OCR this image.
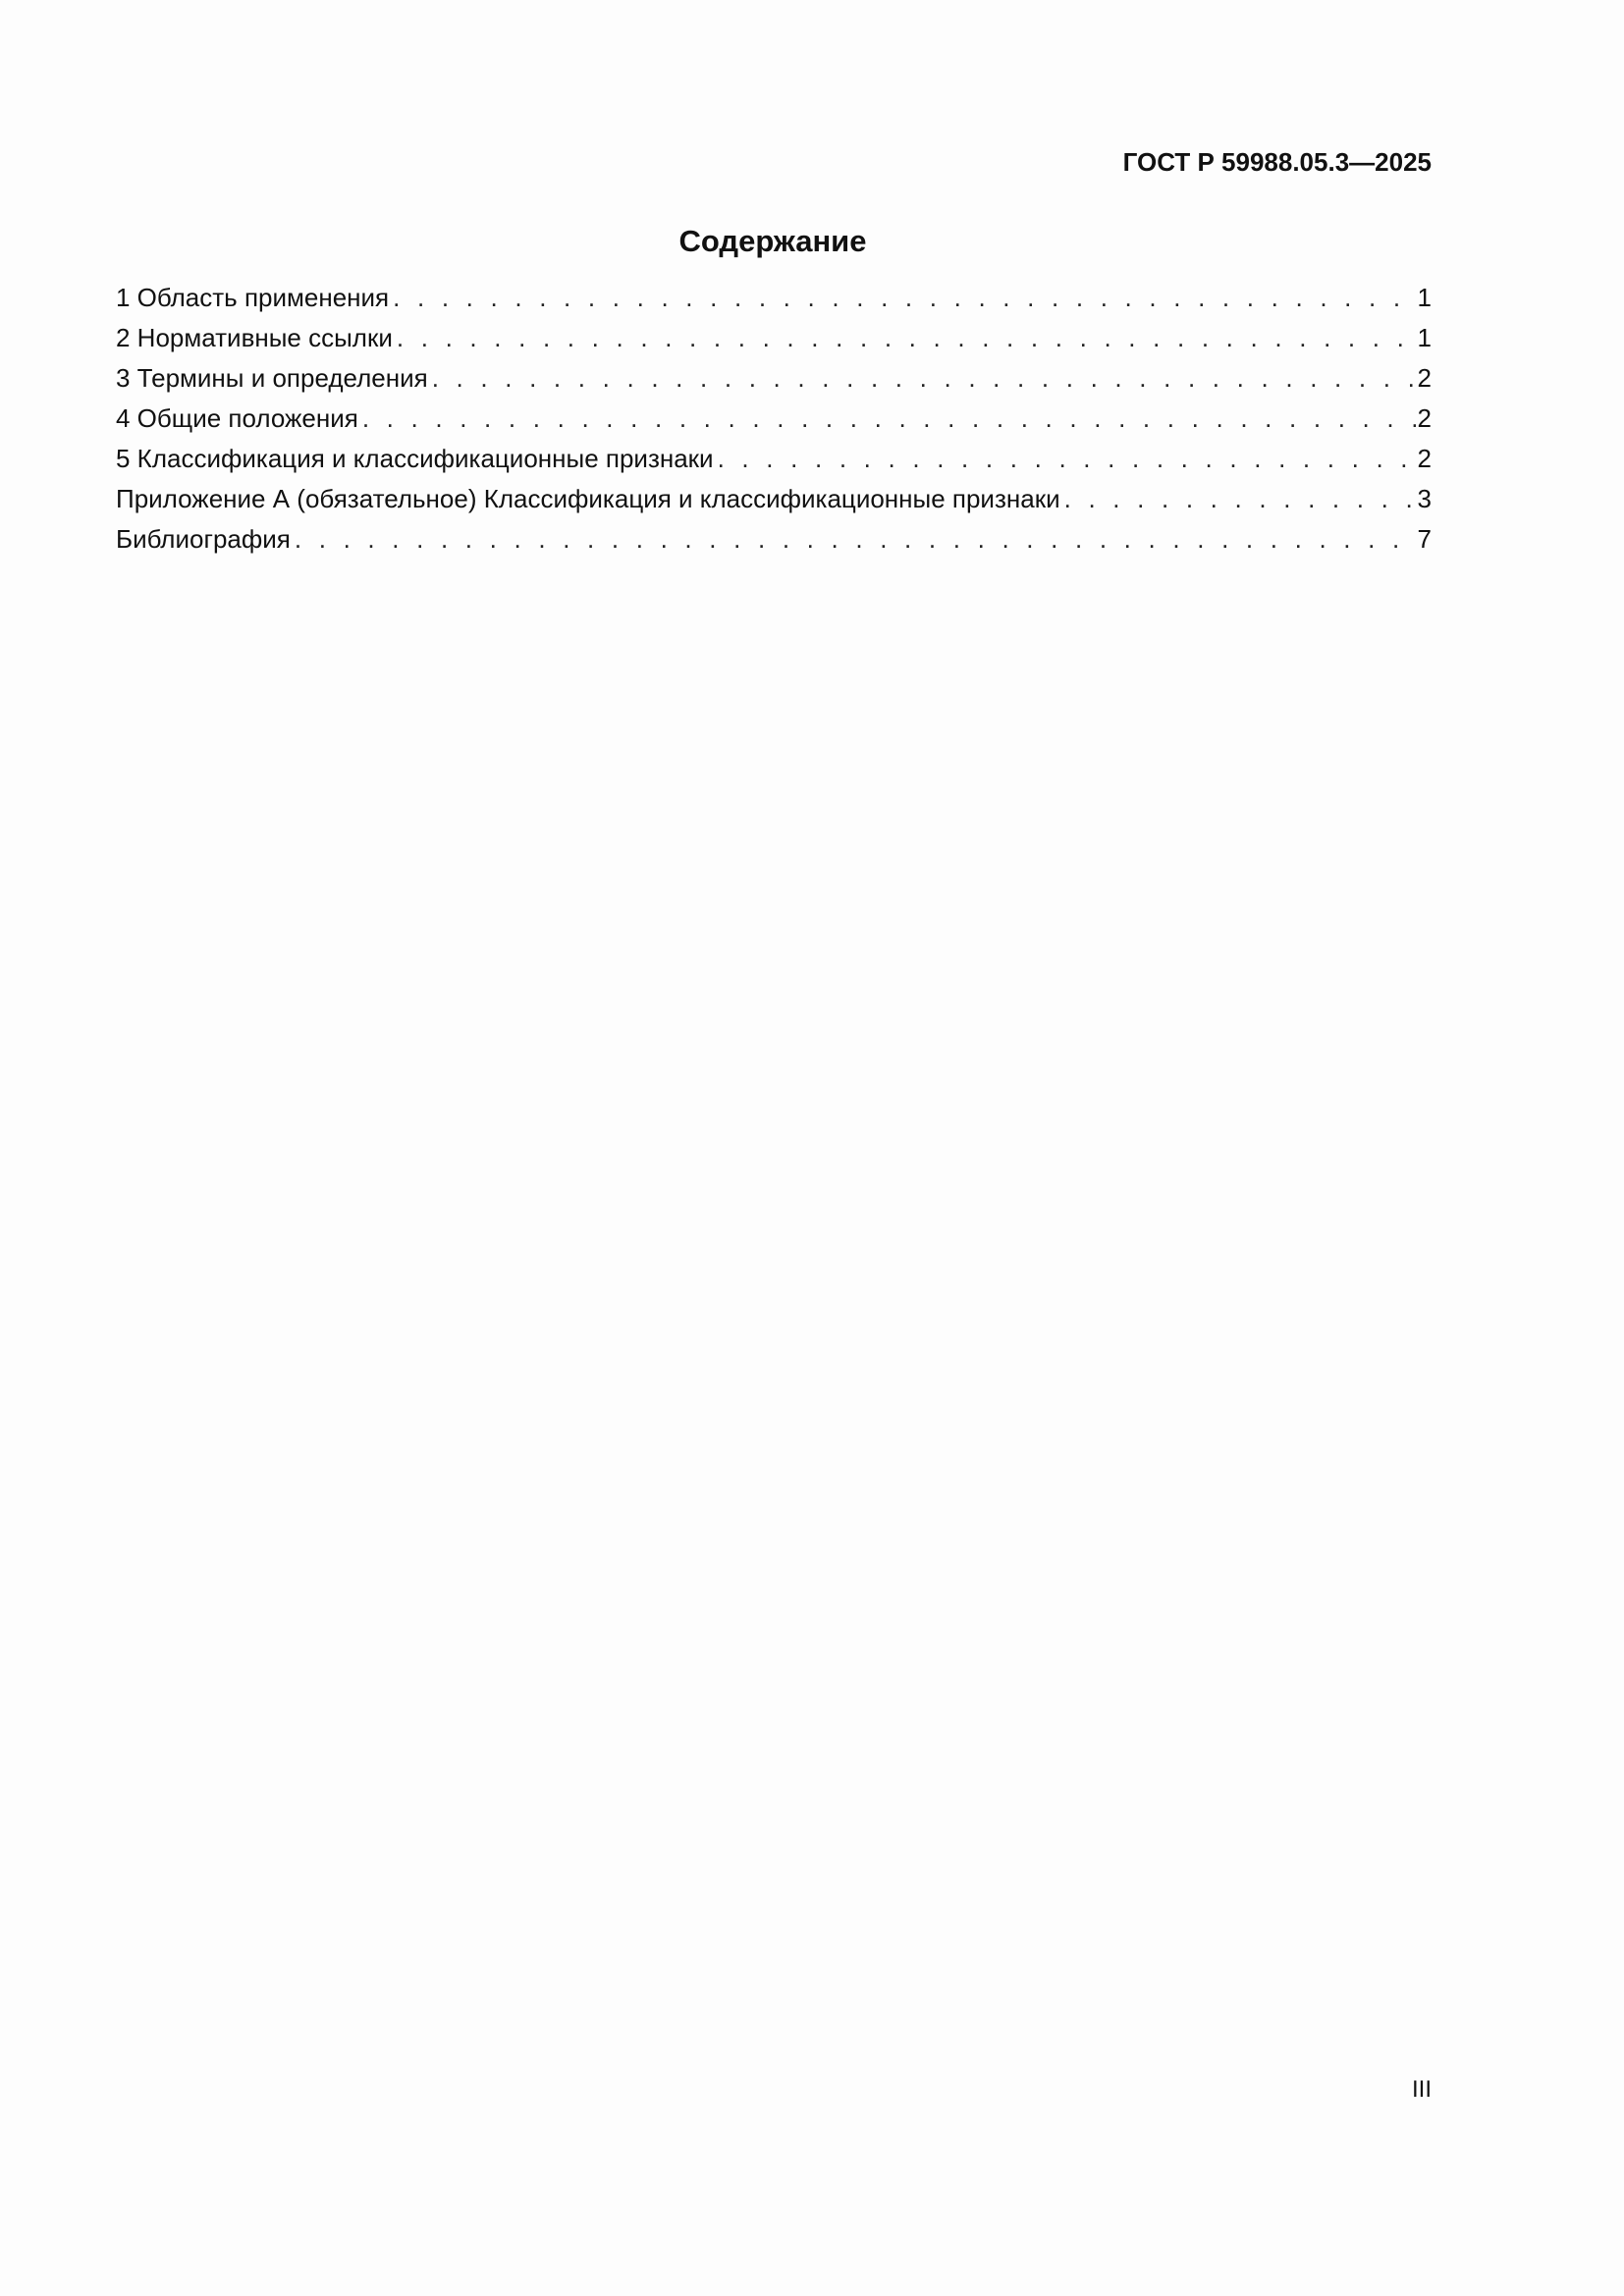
ГОСТ Р 59988.05.3—2025
Содержание
1 Область применения . . .	1
2 Нормативные ссылки . . .	1
3 Термины и определения . . .	2
4 Общие положения . . .	2
5 Классификация и классификационные признаки . . .	2
Приложение А (обязательное) Классификация и классификационные признаки . . .	3
Библиография . . .	7
III
